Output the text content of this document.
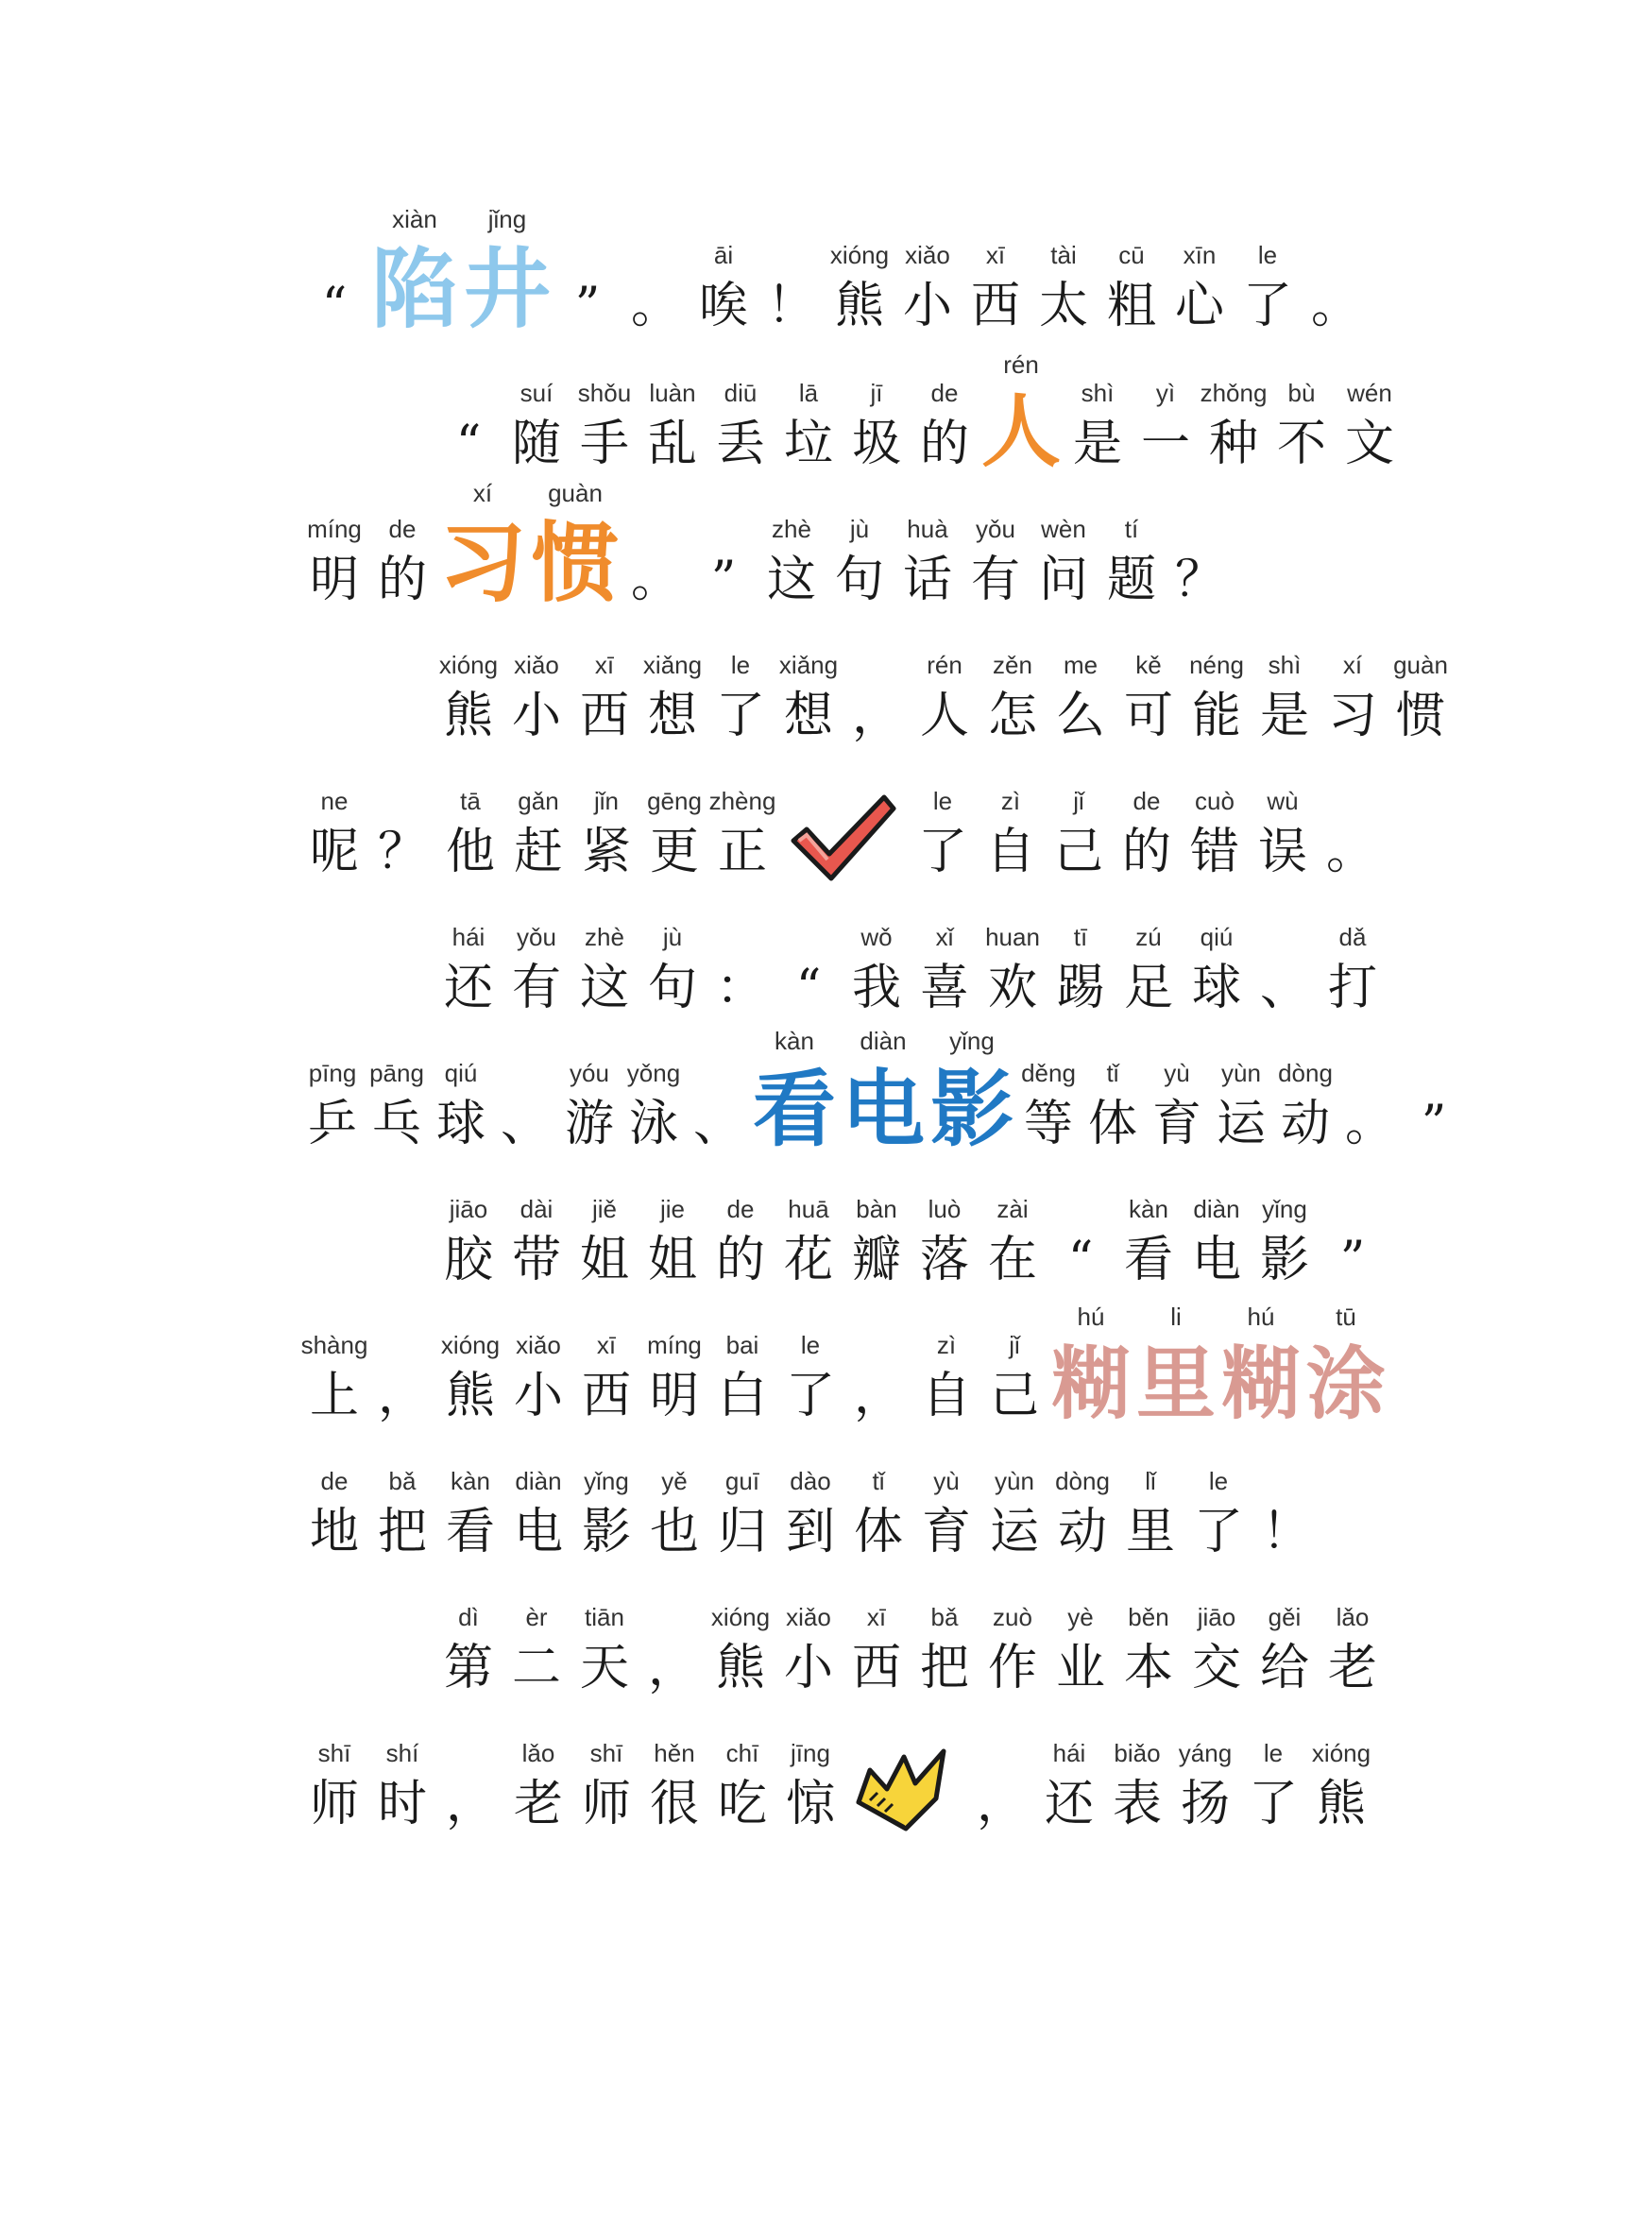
“
xiàn
陷
jǐng
井 ” 。
āi
唉 ！
xióng
熊
xiǎo
小
xī
西
tài
太
cū
粗
xīn
心
le
了 。
“
suí
随
shǒu
手
luàn
乱
diū
丢
lā
垃
jī
圾
de
的
rén
人 shì
是
yì
一
zhǒng
种
bù
不
wén
文
míng
明
de
的
xí
习
guàn
惯 。 ”
zhè
这
jù
句
huà
话
yǒu
有
wèn
问
tí
题 ？
xióng
熊
xiǎo
小
xī
西
xiǎng
想
le
了
xiǎng
想 ，
rén
人
zěn
怎
me
么
kě
可
néng
能
shì
是
xí
习
guàn
惯
ne
呢 ？
tā
他
gǎn
赶
jǐn
紧
gēng
更
zhèng
正
le
了
zì
自
jǐ
己
de
的
cuò
错
wù
误 。
hái
还
yǒu
有
zhè
这
jù
句 ： “
wǒ
我
xǐ
喜
huan
欢
tī
踢
zú
足
qiú
球 、
dǎ
打
pīng
乒
pāng
乓
qiú
球 、
yóu
游
yǒng
泳 、
kàn
看
diàn
电
yǐng
影 děng
等
tǐ
体
yù
育
yùn
运
dòng
动 。 ”
jiāo
胶
dài
带
jiě
姐
jie
姐
de
的
huā
花
bàn
瓣
luò
落
zài
在 “
kàn
看
diàn
电
yǐng
影 ”
shàng
上 ，
xióng
熊
xiǎo
小
xī
西
míng
明
bai
白
le
了 ，
zì
自
jǐ
己
hú
糊
li
里
hú
糊
tū
涂
de
地
bǎ
把
kàn
看
diàn
电
yǐng
影
yě
也
guī
归
dào
到
tǐ
体
yù
育
yùn
运
dòng
动
lǐ
里
le
了 ！
dì
第
èr
二
tiān
天 ，
xióng
熊
xiǎo
小
xī
西
bǎ
把
zuò
作
yè
业
běn
本
jiāo
交
gěi
给
lǎo
老
shī
师
shí
时 ，
lǎo
老
shī
师
hěn
很
chī
吃
jīng
惊	，
hái
还
biǎo
表
yáng
扬
le
了
xióng
熊
